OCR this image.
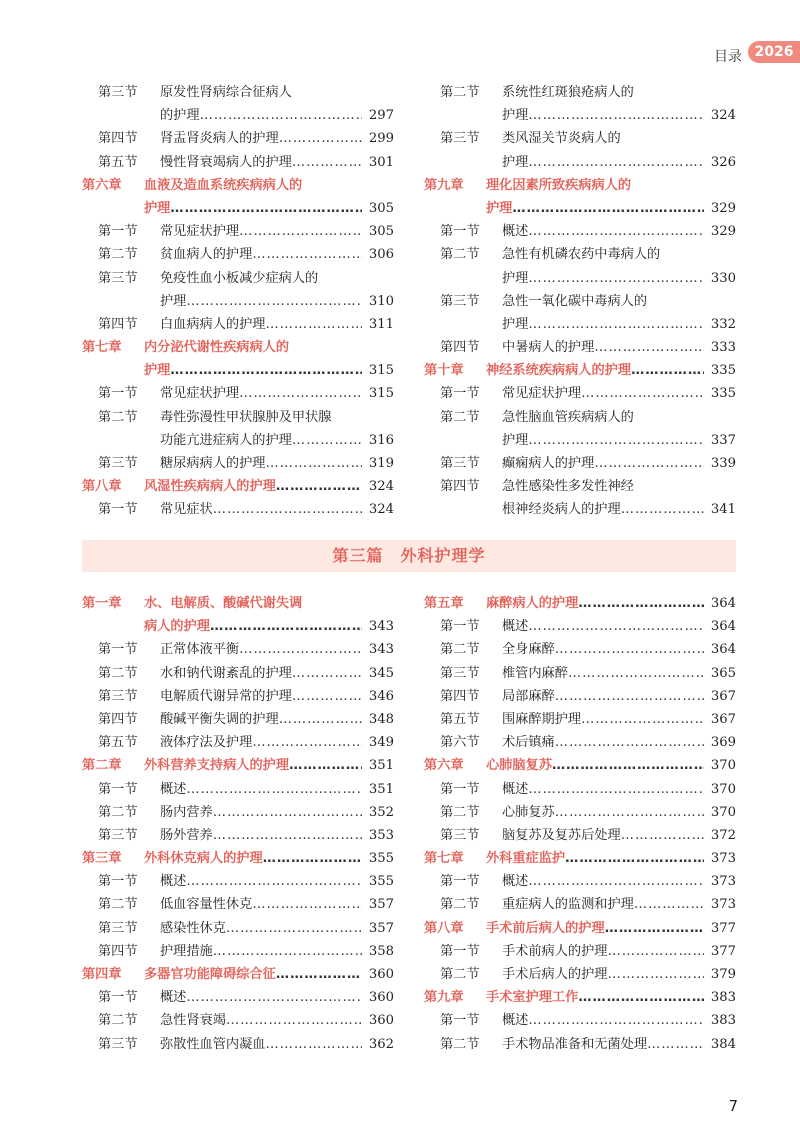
目录 2026
第三节 原发性肾病综合征病人
的护理 ………………………………………………………………………………………………………………………………	297
第四节 肾盂肾炎病人的护理 ………………………………………………………………………………………………………………………………	299
第五节 慢性肾衰竭病人的护理 ………………………………………………………………………………………………………………………………	301
第六章 血液及造血系统疾病病人的
护理 ………………………………………………………………………………………………………………………………	305
第一节 常见症状护理 ………………………………………………………………………………………………………………………………	305
第二节 贫血病人的护理 ………………………………………………………………………………………………………………………………	306
第三节 免疫性血小板减少症病人的
护理 ………………………………………………………………………………………………………………………………	310
第四节 白血病病人的护理 ………………………………………………………………………………………………………………………………	311
第七章 内分泌代谢性疾病病人的
护理 ………………………………………………………………………………………………………………………………	315
第一节 常见症状护理 ………………………………………………………………………………………………………………………………	315
第二节 毒性弥漫性甲状腺肿及甲状腺
功能亢进症病人的护理 ………………………………………………………………………………………………………………………………	316
第三节 糖尿病病人的护理 ………………………………………………………………………………………………………………………………	319
第八章 风湿性疾病病人的护理 ………………………………………………………………………………………………………………………………	324
第一节 常见症状 ………………………………………………………………………………………………………………………………	324
第二节 系统性红斑狼疮病人的
护理 ………………………………………………………………………………………………………………………………	324
第三节 类风湿关节炎病人的
护理 ………………………………………………………………………………………………………………………………	326
第九章 理化因素所致疾病病人的
护理 ………………………………………………………………………………………………………………………………	329
第一节 概述 ………………………………………………………………………………………………………………………………	329
第二节 急性有机磷农药中毒病人的
护理 ………………………………………………………………………………………………………………………………	330
第三节 急性一氧化碳中毒病人的
护理 ………………………………………………………………………………………………………………………………	332
第四节 中暑病人的护理 ………………………………………………………………………………………………………………………………	333
第十章 神经系统疾病病人的护理 ………………………………………………………………………………………………………………………………	335
第一节 常见症状护理 ………………………………………………………………………………………………………………………………	335
第二节 急性脑血管疾病病人的
护理 ………………………………………………………………………………………………………………………………	337
第三节 癫痫病人的护理 ………………………………………………………………………………………………………………………………	339
第四节 急性感染性多发性神经
根神经炎病人的护理 ………………………………………………………………………………………………………………………………	341
第三篇　外科护理学
第一章 水、电解质、酸碱代谢失调
病人的护理 ………………………………………………………………………………………………………………………………	343
第一节 正常体液平衡 ………………………………………………………………………………………………………………………………	343
第二节 水和钠代谢紊乱的护理 ………………………………………………………………………………………………………………………………	345
第三节 电解质代谢异常的护理 ………………………………………………………………………………………………………………………………	346
第四节 酸碱平衡失调的护理 ………………………………………………………………………………………………………………………………	348
第五节 液体疗法及护理 ………………………………………………………………………………………………………………………………	349
第二章 外科营养支持病人的护理 ………………………………………………………………………………………………………………………………	351
第一节 概述 ………………………………………………………………………………………………………………………………	351
第二节 肠内营养 ………………………………………………………………………………………………………………………………	352
第三节 肠外营养 ………………………………………………………………………………………………………………………………	353
第三章 外科休克病人的护理 ………………………………………………………………………………………………………………………………	355
第一节 概述 ………………………………………………………………………………………………………………………………	355
第二节 低血容量性休克 ………………………………………………………………………………………………………………………………	357
第三节 感染性休克 ………………………………………………………………………………………………………………………………	357
第四节 护理措施 ………………………………………………………………………………………………………………………………	358
第四章 多器官功能障碍综合征 ………………………………………………………………………………………………………………………………	360
第一节 概述 ………………………………………………………………………………………………………………………………	360
第二节 急性肾衰竭 ………………………………………………………………………………………………………………………………	360
第三节 弥散性血管内凝血 ………………………………………………………………………………………………………………………………	362
第五章 麻醉病人的护理 ………………………………………………………………………………………………………………………………	364
第一节 概述 ………………………………………………………………………………………………………………………………	364
第二节 全身麻醉 ………………………………………………………………………………………………………………………………	364
第三节 椎管内麻醉 ………………………………………………………………………………………………………………………………	365
第四节 局部麻醉 ………………………………………………………………………………………………………………………………	367
第五节 围麻醉期护理 ………………………………………………………………………………………………………………………………	367
第六节 术后镇痛 ………………………………………………………………………………………………………………………………	369
第六章 心肺脑复苏 ………………………………………………………………………………………………………………………………	370
第一节 概述 ………………………………………………………………………………………………………………………………	370
第二节 心肺复苏 ………………………………………………………………………………………………………………………………	370
第三节 脑复苏及复苏后处理 ………………………………………………………………………………………………………………………………	372
第七章 外科重症监护 ………………………………………………………………………………………………………………………………	373
第一节 概述 ………………………………………………………………………………………………………………………………	373
第二节 重症病人的监测和护理 ………………………………………………………………………………………………………………………………	373
第八章 手术前后病人的护理 ………………………………………………………………………………………………………………………………	377
第一节 手术前病人的护理 ………………………………………………………………………………………………………………………………	377
第二节 手术后病人的护理 ………………………………………………………………………………………………………………………………	379
第九章 手术室护理工作 ………………………………………………………………………………………………………………………………	383
第一节 概述 ………………………………………………………………………………………………………………………………	383
第二节 手术物品准备和无菌处理 ………………………………………………………………………………………………………………………………	384
7
